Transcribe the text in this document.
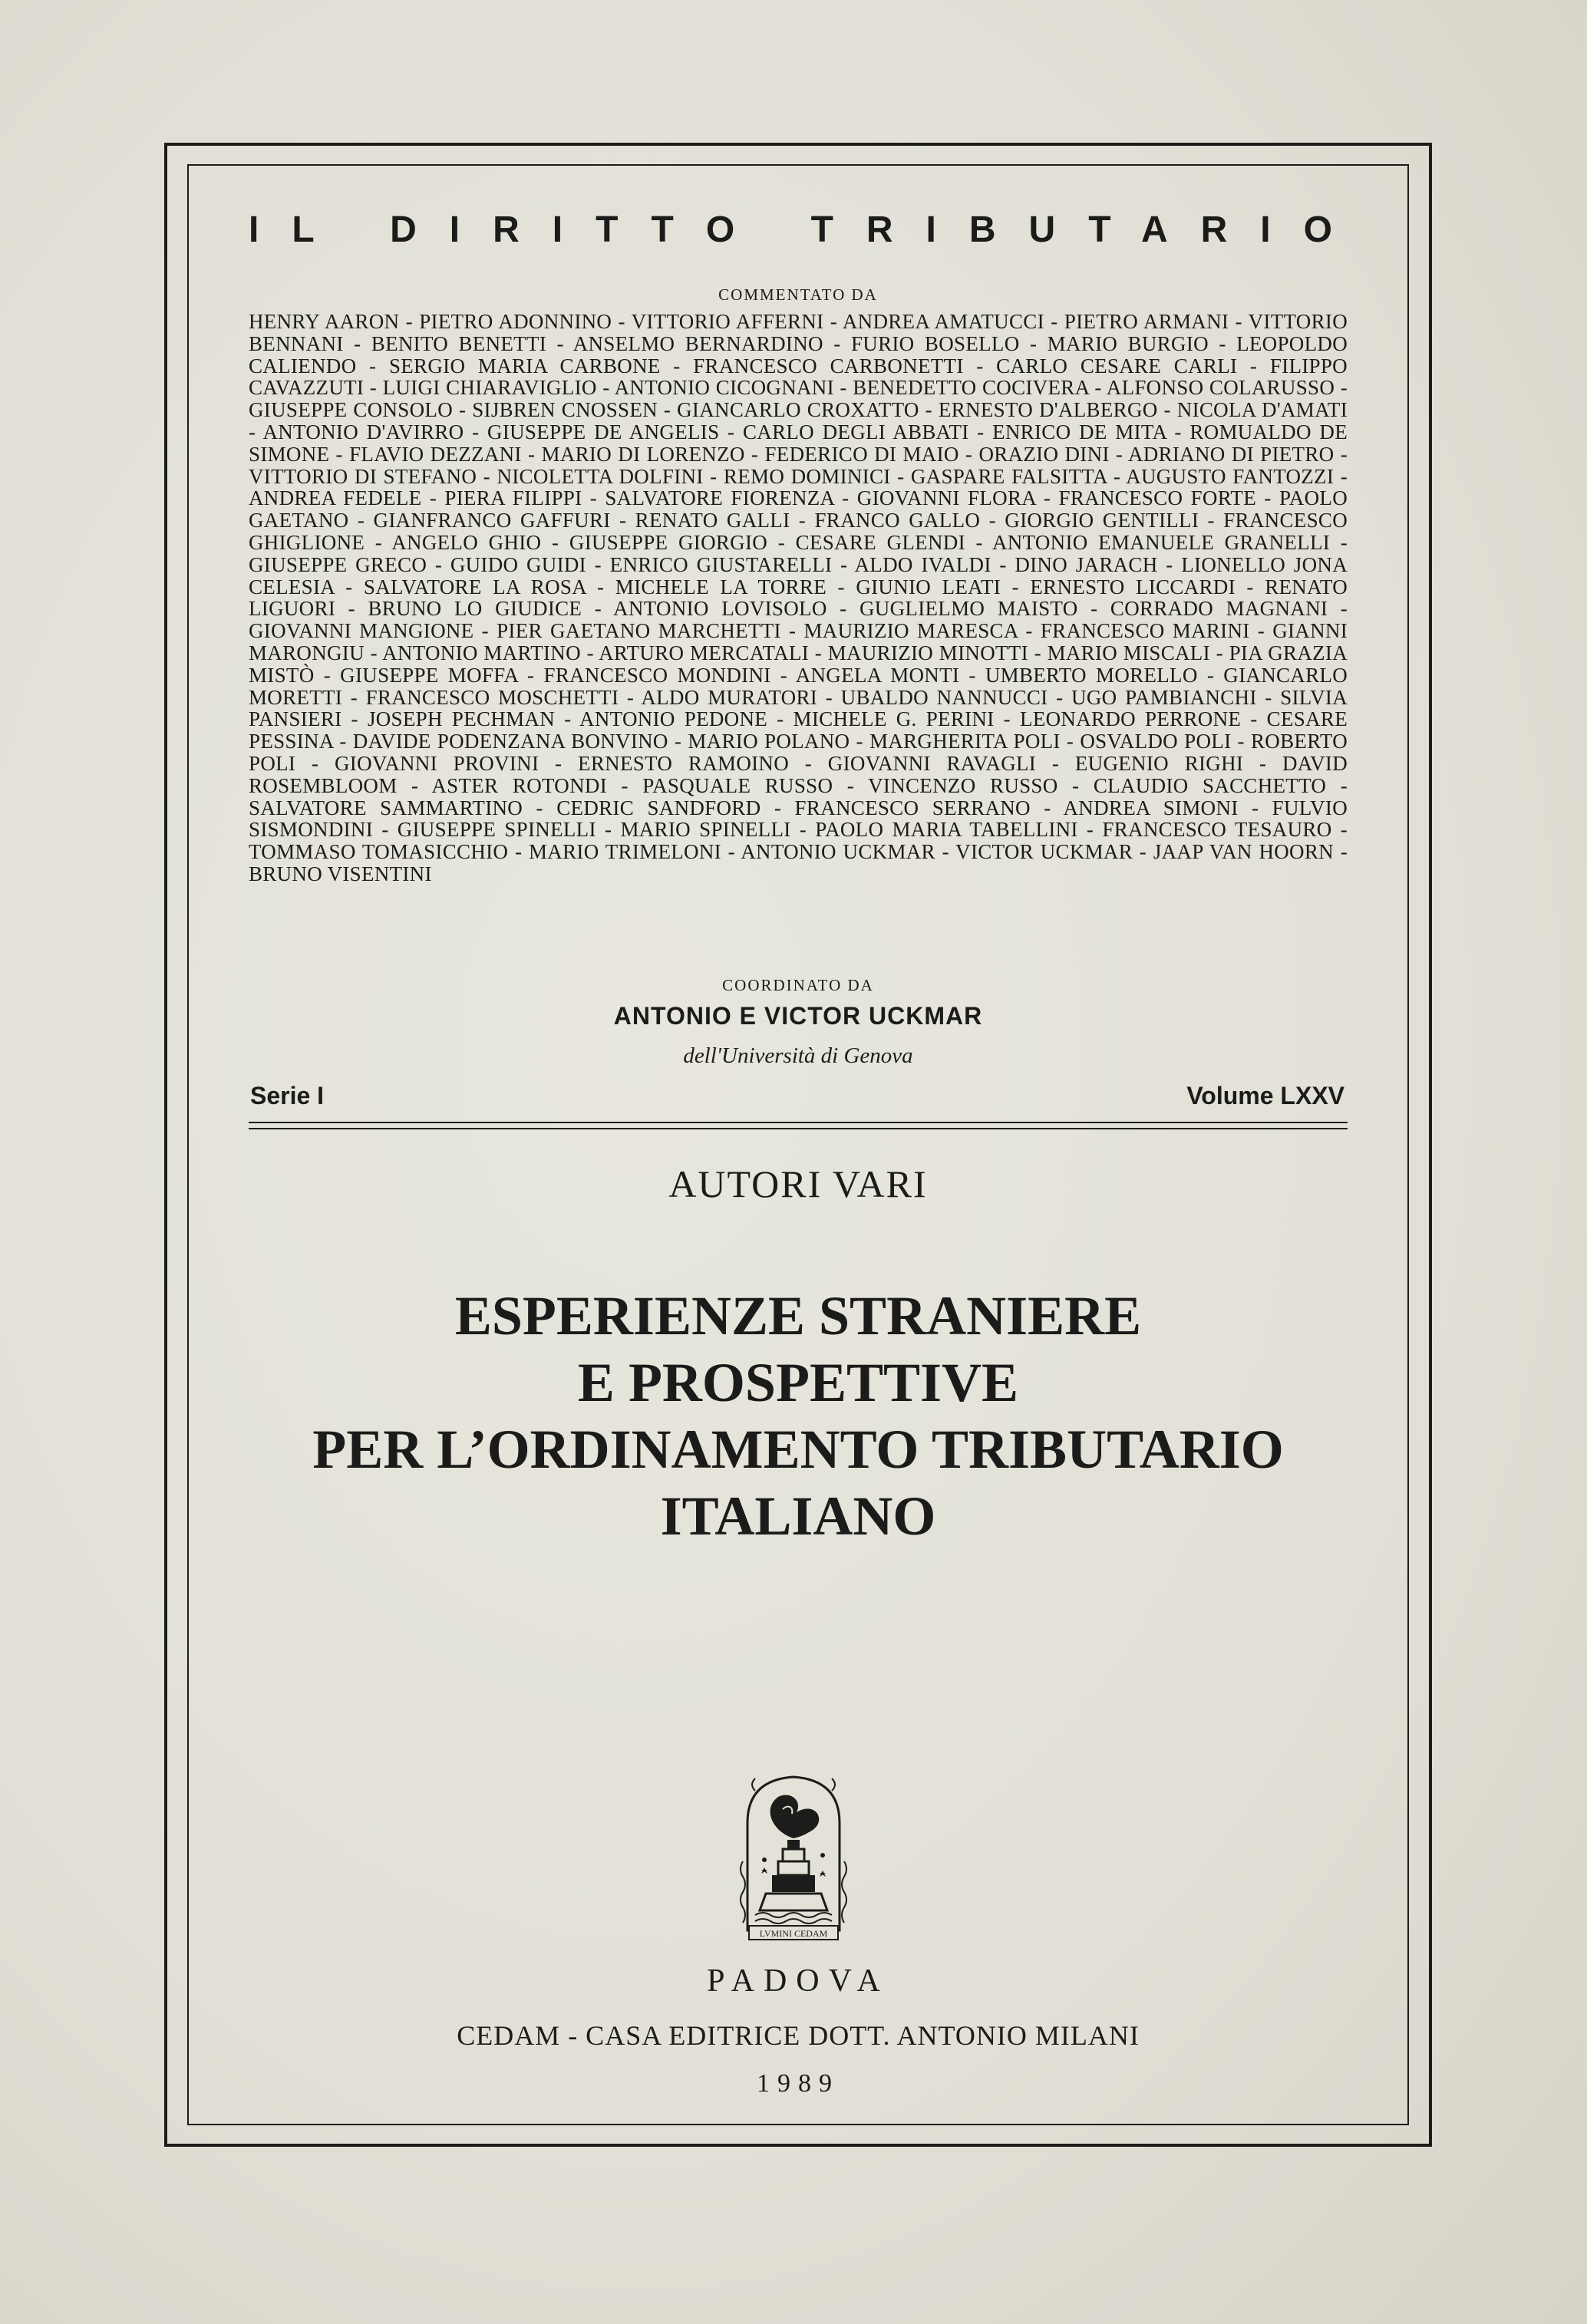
IL DIRITTO TRIBUTARIO
COMMENTATO DA

HENRY AARON - PIETRO ADONNINO - VITTORIO AFFERNI - ANDREA AMATUCCI - PIETRO ARMANI - VITTORIO BENNANI - BENITO BENETTI - ANSELMO BERNARDINO - FURIO BOSELLO - MARIO BURGIO - LEOPOLDO CALIENDO - SERGIO MARIA CARBONE - FRANCESCO CARBONETTI - CARLO CESARE CARLI - FILIPPO CAVAZZUTI - LUIGI CHIARAVIGLIO - ANTONIO CICOGNANI - BENEDETTO COCIVERA - ALFONSO COLARUSSO - GIUSEPPE CONSOLO - SIJBREN CNOSSEN - GIANCARLO CROXATTO - ERNESTO D'ALBERGO - NICOLA D'AMATI - ANTONIO D'AVIRRO - GIUSEPPE DE ANGELIS - CARLO DEGLI ABBATI - ENRICO DE MITA - ROMUALDO DE SIMONE - FLAVIO DEZZANI - MARIO DI LORENZO - FEDERICO DI MAIO - ORAZIO DINI - ADRIANO DI PIETRO - VITTORIO DI STEFANO - NICOLETTA DOLFINI - REMO DOMINICI - GASPARE FALSITTA - AUGUSTO FANTOZZI - ANDREA FEDELE - PIERA FILIPPI - SALVATORE FIORENZA - GIOVANNI FLORA - FRANCESCO FORTE - PAOLO GAETANO - GIANFRANCO GAFFURI - RENATO GALLI - FRANCO GALLO - GIORGIO GENTILLI - FRANCESCO GHIGLIONE - ANGELO GHIO - GIUSEPPE GIORGIO - CESARE GLENDI - ANTONIO EMANUELE GRANELLI - GIUSEPPE GRECO - GUIDO GUIDI - ENRICO GIUSTARELLI - ALDO IVALDI - DINO JARACH - LIONELLO JONA CELESIA - SALVATORE LA ROSA - MICHELE LA TORRE - GIUNIO LEATI - ERNESTO LICCARDI - RENATO LIGUORI - BRUNO LO GIUDICE - ANTONIO LOVISOLO - GUGLIELMO MAISTO - CORRADO MAGNANI - GIOVANNI MANGIONE - PIER GAETANO MARCHETTI - MAURIZIO MARESCA - FRANCESCO MARINI - GIANNI MARONGIU - ANTONIO MARTINO - ARTURO MERCATALI - MAURIZIO MINOTTI - MARIO MISCALI - PIA GRAZIA MISTÒ - GIUSEPPE MOFFA - FRANCESCO MONDINI - ANGELA MONTI - UMBERTO MORELLO - GIANCARLO MORETTI - FRANCESCO MOSCHETTI - ALDO MURATORI - UBALDO NANNUCCI - UGO PAMBIANCHI - SILVIA PANSIERI - JOSEPH PECHMAN - ANTONIO PEDONE - MICHELE G. PERINI - LEONARDO PERRONE - CESARE PESSINA - DAVIDE PODENZANA BONVINO - MARIO POLANO - MARGHERITA POLI - OSVALDO POLI - ROBERTO POLI - GIOVANNI PROVINI - ERNESTO RAMOINO - GIOVANNI RAVAGLI - EUGENIO RIGHI - DAVID ROSEMBLOOM - ASTER ROTONDI - PASQUALE RUSSO - VINCENZO RUSSO - CLAUDIO SACCHETTO - SALVATORE SAMMARTINO - CEDRIC SANDFORD - FRANCESCO SERRANO - ANDREA SIMONI - FULVIO SISMONDINI - GIUSEPPE SPINELLI - MARIO SPINELLI - PAOLO MARIA TABELLINI - FRANCESCO TESAURO - TOMMASO TOMASICCHIO - MARIO TRIMELONI - ANTONIO UCKMAR - VICTOR UCKMAR - JAAP VAN HOORN - BRUNO VISENTINI

COORDINATO DA
ANTONIO E VICTOR UCKMAR
dell'Università di Genova
Serie I	Volume LXXV
AUTORI VARI
ESPERIENZE STRANIERE
E PROSPETTIVE
PER L’ORDINAMENTO TRIBUTARIO
ITALIANO
LVMINI CEDAM
PADOVA
CEDAM - CASA EDITRICE DOTT. ANTONIO MILANI
1989
